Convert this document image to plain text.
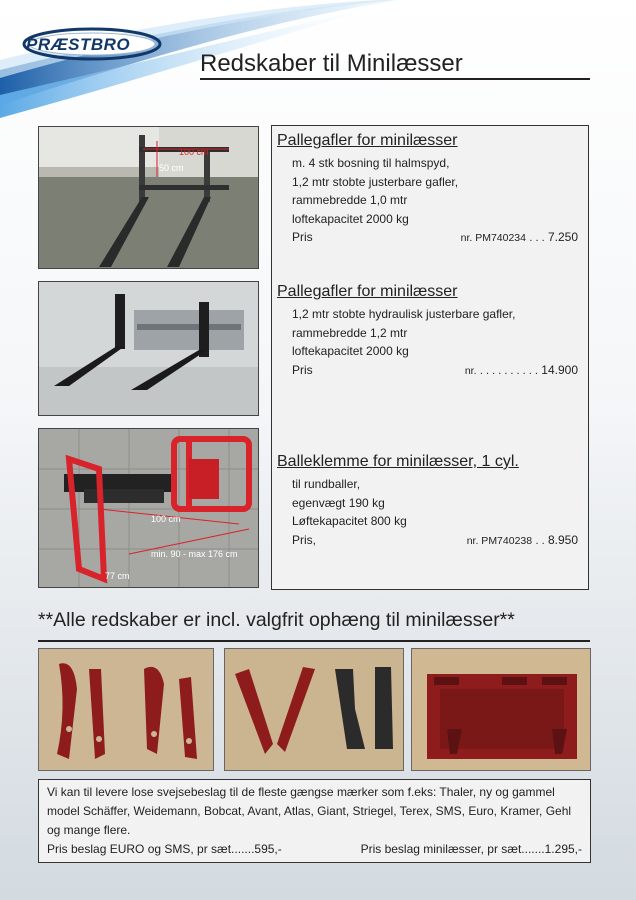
PRÆSTBRO
Redskaber til Minilæsser
100 cm
50 cm
100 cm
min. 90 - max 176 cm
77 cm
Pallegafler for minilæsser
m. 4 stk bosning til halmspyd,
1,2 mtr stobte justerbare gafler,
rammebredde 1,0 mtr
loftekapacitet 2000 kg
Pris	nr. PM740234 . . . 7.250
Pallegafler for minilæsser
1,2 mtr stobte hydraulisk justerbare gafler,
rammebredde 1,2 mtr
loftekapacitet 2000 kg
Pris	nr. . . . . . . . . . . 14.900
Balleklemme for minilæsser, 1 cyl.
til rundballer,
egenvægt 190 kg
Løftekapacitet 800 kg
Pris,	nr. PM740238 . . 8.950
**Alle redskaber er incl. valgfrit ophæng til minilæsser**
Vi kan til levere lose svejsebeslag til de fleste gængse mærker som f.eks: Thaler, ny og gammel model Schäffer, Weidemann, Bobcat, Avant, Atlas, Giant, Striegel, Terex, SMS, Euro, Kramer, Gehl og mange flere.
Pris beslag EURO og SMS, pr sæt.......595,-	Pris beslag minilæsser, pr sæt.......1.295,-
